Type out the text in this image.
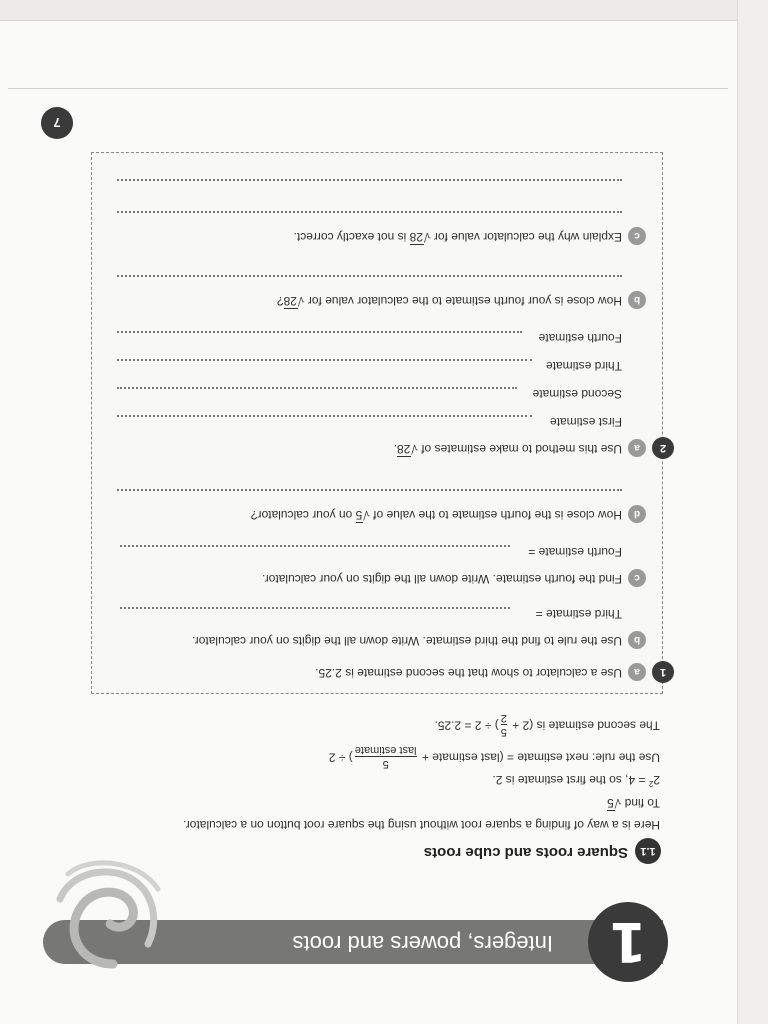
1
Integers, powers and roots
1.1
Square roots and cube roots
Here is a way of finding a square root without using the square root button on a calculator.
To find √5
$2^2 = 4$, so the first estimate is 2.
Use the rule: next estimate = (last estimate +
5
last estimate
) ÷ 2
The second estimate is (2 +
5
2
) ÷ 2 = 2.25.
1
a
Use a calculator to show that the second estimate is 2.25.
b
Use the rule to find the third estimate. Write down all the digits on your calculator.
Third estimate =
c
Find the fourth estimate. Write down all the digits on your calculator.
Fourth estimate =
d
How close is the fourth estimate to the value of √5 on your calculator?
2
a
Use this method to make estimates of √28.
First estimate
Second estimate
Third estimate
Fourth estimate
b
How close is your fourth estimate to the calculator value for √28?
c
Explain why the calculator value for √28 is not exactly correct.
7
